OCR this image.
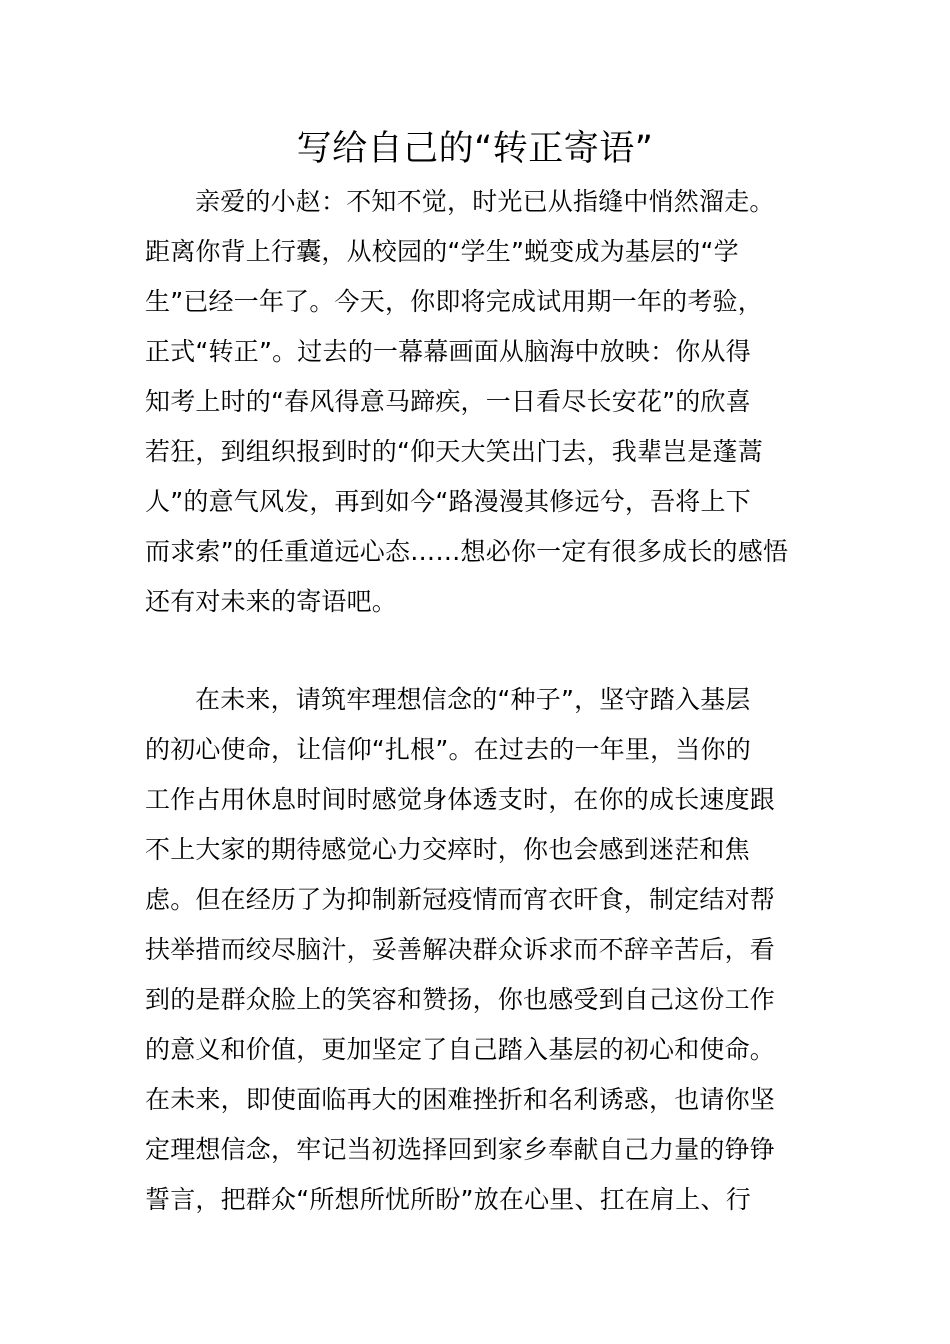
写给自己的“转正寄语”
亲爱的小赵：不知不觉，时光已从指缝中悄然溜走。
距离你背上行囊，从校园的“学生”蜕变成为基层的“学
生”已经一年了。今天，你即将完成试用期一年的考验，
正式“转正”。过去的一幕幕画面从脑海中放映：你从得
知考上时的“春风得意马蹄疾，一日看尽长安花”的欣喜
若狂，到组织报到时的“仰天大笑出门去，我辈岂是蓬蒿
人”的意气风发，再到如今“路漫漫其修远兮，吾将上下
而求索”的任重道远心态……想必你一定有很多成长的感悟
还有对未来的寄语吧。
在未来，请筑牢理想信念的“种子”，坚守踏入基层
的初心使命，让信仰“扎根”。在过去的一年里，当你的
工作占用休息时间时感觉身体透支时，在你的成长速度跟
不上大家的期待感觉心力交瘁时，你也会感到迷茫和焦
虑。但在经历了为抑制新冠疫情而宵衣旰食，制定结对帮
扶举措而绞尽脑汁，妥善解决群众诉求而不辞辛苦后，看
到的是群众脸上的笑容和赞扬，你也感受到自己这份工作
的意义和价值，更加坚定了自己踏入基层的初心和使命。
在未来，即使面临再大的困难挫折和名利诱惑，也请你坚
定理想信念，牢记当初选择回到家乡奉献自己力量的铮铮
誓言，把群众“所想所忧所盼”放在心里、扛在肩上、行
